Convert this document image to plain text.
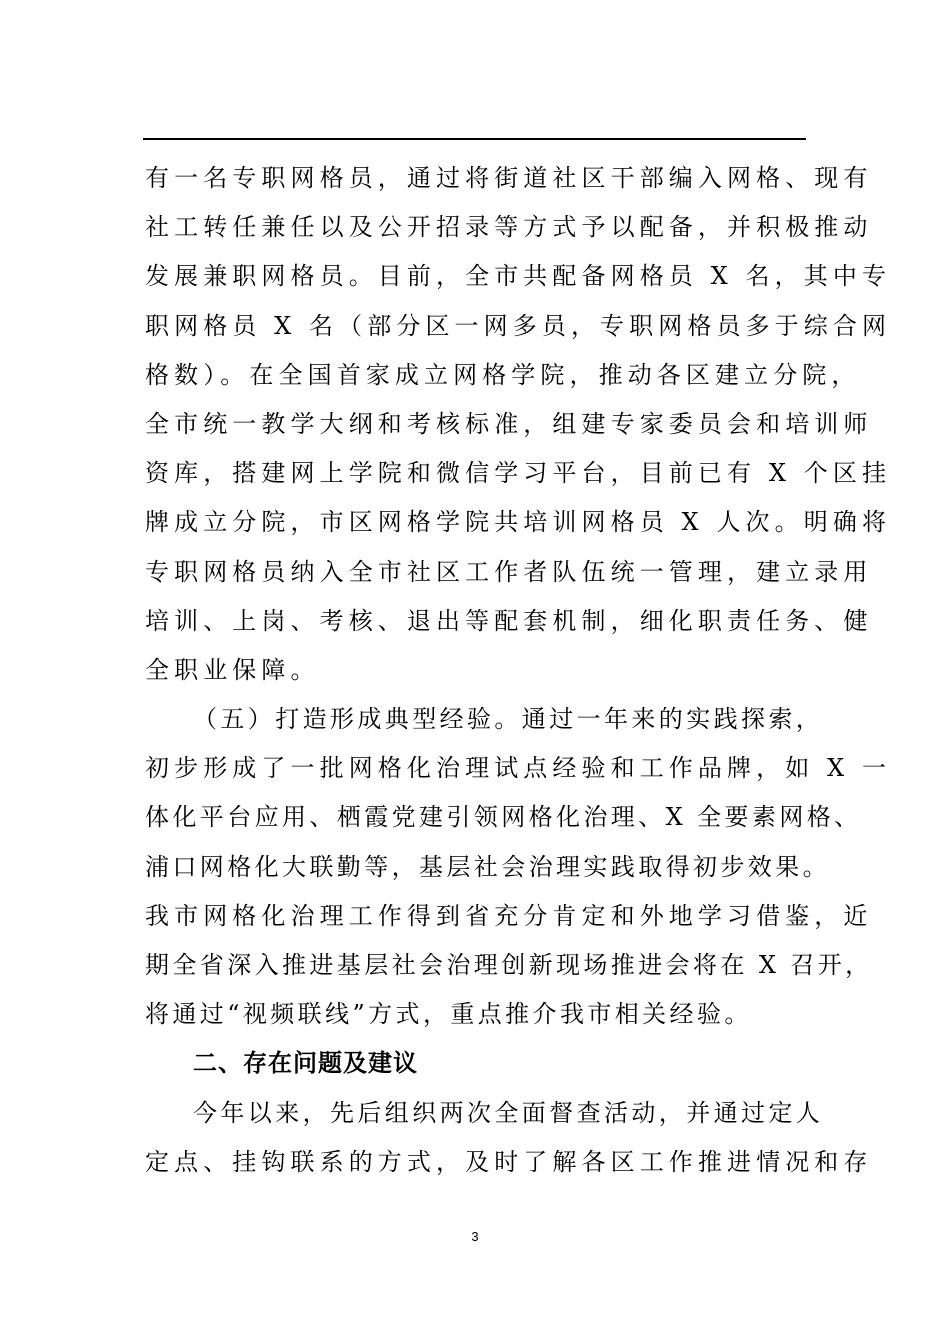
有一名专职网格员，通过将街道社区干部编入网格、现有
社工转任兼任以及公开招录等方式予以配备，并积极推动
发展兼职网格员。目前，全市共配备网格员 X 名，其中专
职网格员 X 名（部分区一网多员，专职网格员多于综合网
格数）。在全国首家成立网格学院，推动各区建立分院，
全市统一教学大纲和考核标准，组建专家委员会和培训师
资库，搭建网上学院和微信学习平台，目前已有 X 个区挂
牌成立分院，市区网格学院共培训网格员 X 人次。明确将
专职网格员纳入全市社区工作者队伍统一管理，建立录用
培训、上岗、考核、退出等配套机制，细化职责任务、健
全职业保障。
（五）打造形成典型经验。通过一年来的实践探索，
初步形成了一批网格化治理试点经验和工作品牌，如 X 一
体化平台应用、栖霞党建引领网格化治理、X 全要素网格、
浦口网格化大联勤等，基层社会治理实践取得初步效果。
我市网格化治理工作得到省充分肯定和外地学习借鉴，近
期全省深入推进基层社会治理创新现场推进会将在 X 召开，
将通过“视频联线”方式，重点推介我市相关经验。
二、存在问题及建议
今年以来，先后组织两次全面督查活动，并通过定人
定点、挂钩联系的方式，及时了解各区工作推进情况和存
3
